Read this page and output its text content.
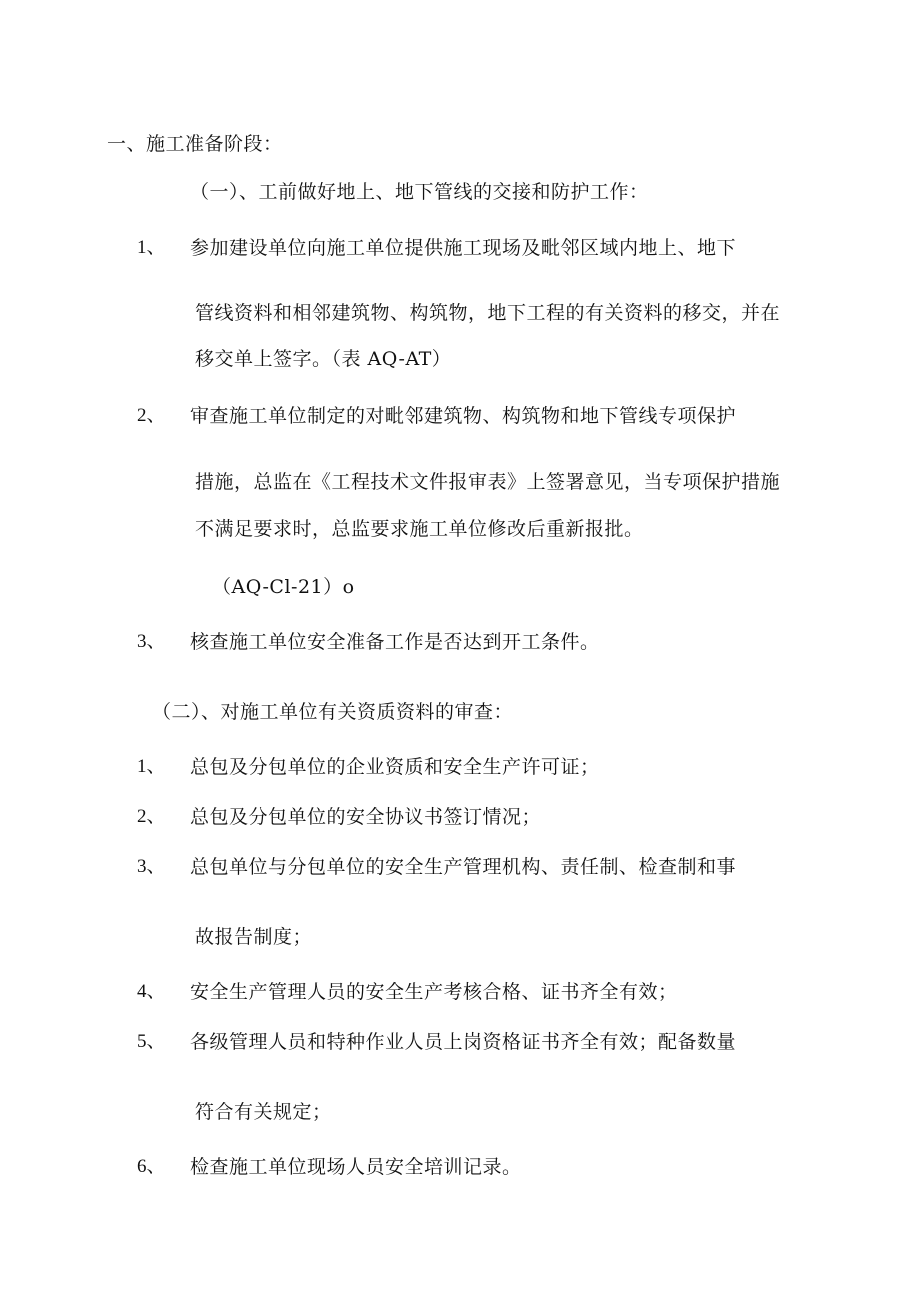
一、施工准备阶段：
（一）、工前做好地上、地下管线的交接和防护工作：
1、 参加建设单位向施工单位提供施工现场及毗邻区域内地上、地下
管线资料和相邻建筑物、构筑物，地下工程的有关资料的移交，并在
移交单上签字。（表 AQ-AT）
2、 审查施工单位制定的对毗邻建筑物、构筑物和地下管线专项保护
措施，总监在《工程技术文件报审表》上签署意见，当专项保护措施
不满足要求时，总监要求施工单位修改后重新报批。
（AQ-Cl-21）o
3、 核查施工单位安全准备工作是否达到开工条件。
（二）、对施工单位有关资质资料的审查：
1、 总包及分包单位的企业资质和安全生产许可证；
2、 总包及分包单位的安全协议书签订情况；
3、 总包单位与分包单位的安全生产管理机构、责任制、检查制和事
故报告制度；
4、 安全生产管理人员的安全生产考核合格、证书齐全有效；
5、 各级管理人员和特种作业人员上岗资格证书齐全有效；配备数量
符合有关规定；
6、 检查施工单位现场人员安全培训记录。
